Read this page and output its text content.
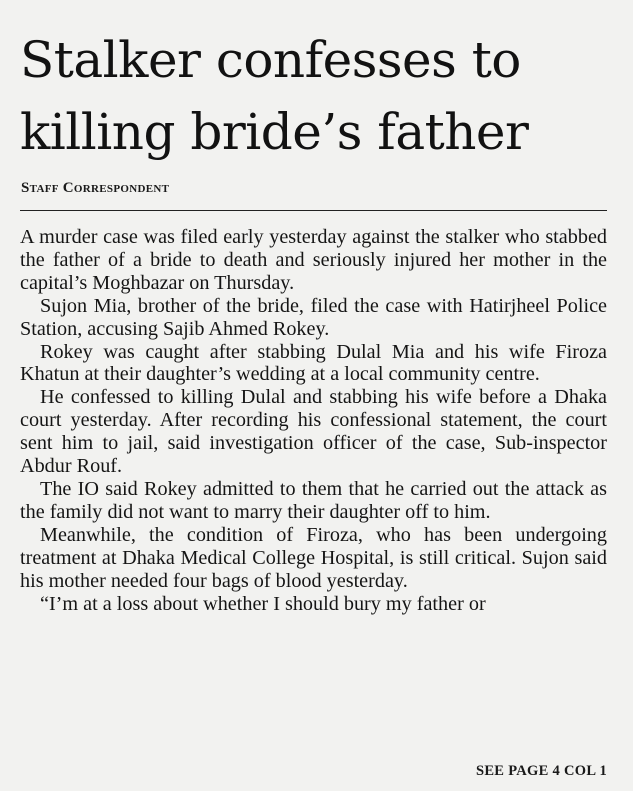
Stalker confesses to
killing bride’s father
Staff Correspondent

A murder case was filed early yesterday against the stalker who stabbed the father of a bride to death and seriously injured her mother in the capital’s Moghbazar on Thursday.

Sujon Mia, brother of the bride, filed the case with Hatirjheel Police Station, accusing Sajib Ahmed Rokey.

Rokey was caught after stabbing Dulal Mia and his wife Firoza Khatun at their daughter’s wedding at a local community centre.

He confessed to killing Dulal and stabbing his wife before a Dhaka court yesterday. After recording his confessional statement, the court sent him to jail, said investigation officer of the case, Sub-inspector Abdur Rouf.

The IO said Rokey admitted to them that he carried out the attack as the family did not want to marry their daughter off to him.

Meanwhile, the condition of Firoza, who has been undergoing treatment at Dhaka Medical College Hospital, is still critical. Sujon said his mother needed four bags of blood yesterday.

“I’m at a loss about whether I should bury my father or

SEE PAGE 4 COL 1
